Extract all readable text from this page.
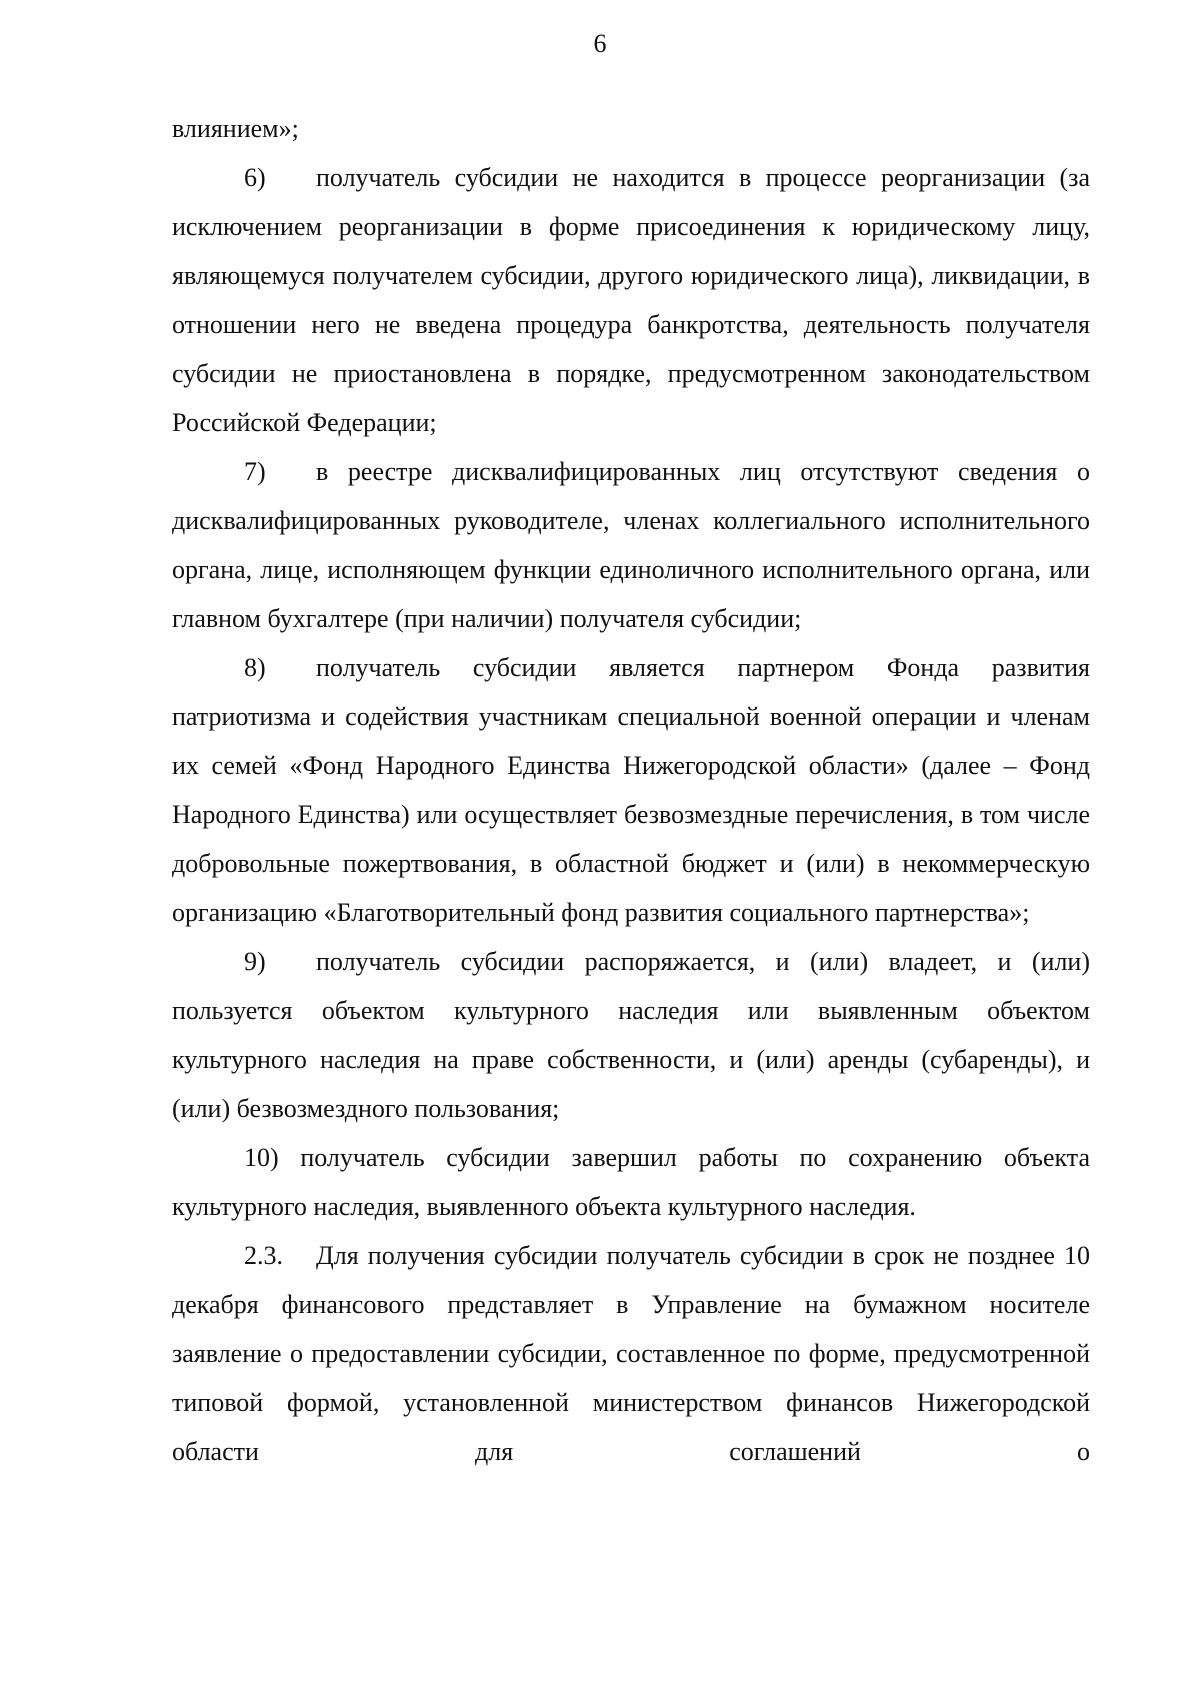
6

влиянием»;

6) получатель субсидии не находится в процессе реорганизации (за исключением реорганизации в форме присоединения к юридическому лицу, являющемуся получателем субсидии, другого юридического лица), ликвидации, в отношении него не введена процедура банкротства, деятельность получателя субсидии не приостановлена в порядке, предусмотренном законодательством Российской Федерации;

7) в реестре дисквалифицированных лиц отсутствуют сведения о дисквалифицированных руководителе, членах коллегиального исполнительного органа, лице, исполняющем функции единоличного исполнительного органа, или главном бухгалтере (при наличии) получателя субсидии;

8) получатель субсидии является партнером Фонда развития патриотизма и содействия участникам специальной военной операции и членам их семей «Фонд Народного Единства Нижегородской области» (далее – Фонд Народного Единства) или осуществляет безвозмездные перечисления, в том числе добровольные пожертвования, в областной бюджет и (или) в некоммерческую организацию «Благотворительный фонд развития социального партнерства»;

9) получатель субсидии распоряжается, и (или) владеет, и (или) пользуется объектом культурного наследия или выявленным объектом культурного наследия на праве собственности, и (или) аренды (субаренды), и (или) безвозмездного пользования;

10) получатель субсидии завершил работы по сохранению объекта культурного наследия, выявленного объекта культурного наследия.

2.3. Для получения субсидии получатель субсидии в срок не позднее 10 декабря финансового представляет в Управление на бумажном носителе заявление о предоставлении субсидии, составленное по форме, предусмотренной типовой формой, установленной министерством финансов Нижегородской области для соглашений о
